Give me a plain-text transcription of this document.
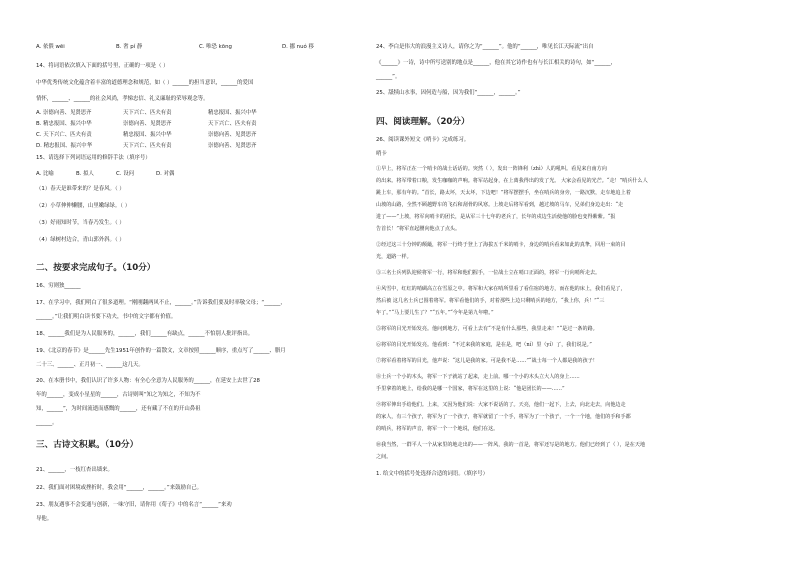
A. 依偎 wēi	B. 奢 pí 静	C. 唯恐 kōng	D. 挪 nuó 移
14、将词语依次填入下面的括号里，正确的一项是（ ）
中华优秀传统文化蕴含着丰富的道德理念和规范，如（ ）______的担当意识，______的爱国
情怀，______、______的社会风尚，孝悌忠信、礼义廉耻的荣辱观念等。
A. 崇德向善、见贤思齐	天下兴亡、匹夫有责	精忠报国、振兴中华
B. 精忠报国、振兴中华	崇德向善、见贤思齐	天下兴亡、匹夫有责
C. 天下兴亡、匹夫有责	精忠报国、振兴中华	崇德向善、见贤思齐
D. 精忠报国、振兴中华	天下兴亡、匹夫有责	崇德向善、见贤思齐
15、请选择下列词语运用的修辞手法（填序号）
A. 比喻	B. 拟人	C. 设问	D. 对偶
（1）春天是谁带来的？是春风。（ ）
（2）小草伸伸懒腰，山里嫩绿绿。（ ）
（3）好雨知时节，当春乃发生。（ ）
（4）绿树村边合，青山郭外斜。（ ）
二、按要求完成句子。（10分）
16、穷则独______
17、在学习中，我们明白了很多道理。“刚刚翻两风不止，______。”告诉我们要及时率敬父母；“______，
______。”让我们明白读书要下功夫，书中的文字都有价值。
18、______我们是为人民服务的，______，我们______有缺点，______不怕别人批评指出。
19、《北京的春节》是______先生1951年创作的一篇散文，文章按照______顺序，重点写了______、腊月
二十三、______、正月初一、______这几天。
20、在本册书中，我们认识了许多人物：有全心全意为人民服务的______，在延安上去世了28
年的______，变成小星星的______，古诗则叫“知之为知之，不知为不
知，______”，为时间流逝而感慨的______，还有藏了不在的开山鼻祖
______。
三、古诗文积累。（10分）
21、______，一枝红杏出墙来。
22、我们面对困境或挫折时，我会用“______，______。”来鼓励自己。
23、朋友遇事不会变通与创新，一味守旧，请你用《荀子》中的名言“______”来劝
导他。
24、李白是伟大的浪漫主义诗人，请你之为“______”。他的“______，唯见长江天际流”出自
《______》一诗，诗中所写送别的地点是______，他在其它诗作也有与长江相关的诗句，如“______，
______”。
25、舐犊山水事，因何造与船，因为我们“______，______。”
四、阅读理解。（20分）
26、阅读课外短文《哨卡》完成练习。
哨卡
①早上，将军正在一个哨卡的战士话话的。突然（ ），发出一阵锋利（zhì）人的吼叫。看见来自南方向
的出来。将军带着口粮，发生咖咖的声响。将军站起身，在上离我得出的发了光。 大家会看见的光芒。“走！”哨兵什么人
跳上车，那有年的。“首长，路太坏，天太坏，下边吧！”将军摆摆手，坐在哨兵的身旁，一路沉默，走车地追上着
山坡的山路，全然不顾越野车的飞石和刮骨的风寒。上坡走后将军看到，越过坡的马车，兄弟们身边走出：“走
进了——”上坡，将军向哨卡的团长，是从军三十七年的老兵了，长年的戍边生活使他的脸也变得紫紫。“报
告首长！”将军直起腰向他点了点头。
②经过这三十分钟的颠簸，将军一行终于登上了海拔五千米的哨卡，身边的哨兵看来如此的真挚，回用一束的目
光，道路一样。
③三名士兵列队迎候将军一行，将军和他们握手，一位战士立在哨口正面的，将军一行向哨所走去。
④风雪中，红红的哨碉高立在雪原之中。将军和大家在哨所里看了看住宿的地方，而在他的床上，我们看见了，
然后被 这几名士兵已围着将军。将军看他们的手，对着那些上边只剩哨兵的地方，“我上你，兵！”“三
年了。”“马上要儿生了？”“五年。”“今年是第九年啦。”
⑤将军的目光开始发亮。他问到地方，可看上去有“不是有什么那些，我里走来！”“是过一条的路。
⑥将军的目光开始发亮。他看到：“不过来我的家庭，是在是，吧（ní）里（yí）了，我们说是。”
⑦将军看着将军的目光，他声说：“这儿是我的家。可是我不是……”“战士每一个人都是我的孩子！
⑧士兵一个小的木头，将军一下子就站了起来，走上前。哪一个小的木头立大人的身上……
手里拿着的地上，给我的是哪一个国家，将军在这里的上说：“他是团长的——……”
⑨将军伸出手给他们。上来，又因为他们说：大家不说话的了。天亮，他们一起下，上去，向北走去，向他边走
的家人，有三个孩子，将军为了一个孩子，将军就留了一个手，将军为了一个孩子，一个一个地，他们的手和手都
的哨兵，将军的声音，将军一个一个地说，他们在这。
⑩我当然，一群平人一个从家里的地走出的——一阵风，我的一首是，将军还写是的地方。他们已经到了（ ），是在天地
之间。
1. 给文中的括号处选择合适的词语。（填序号）
